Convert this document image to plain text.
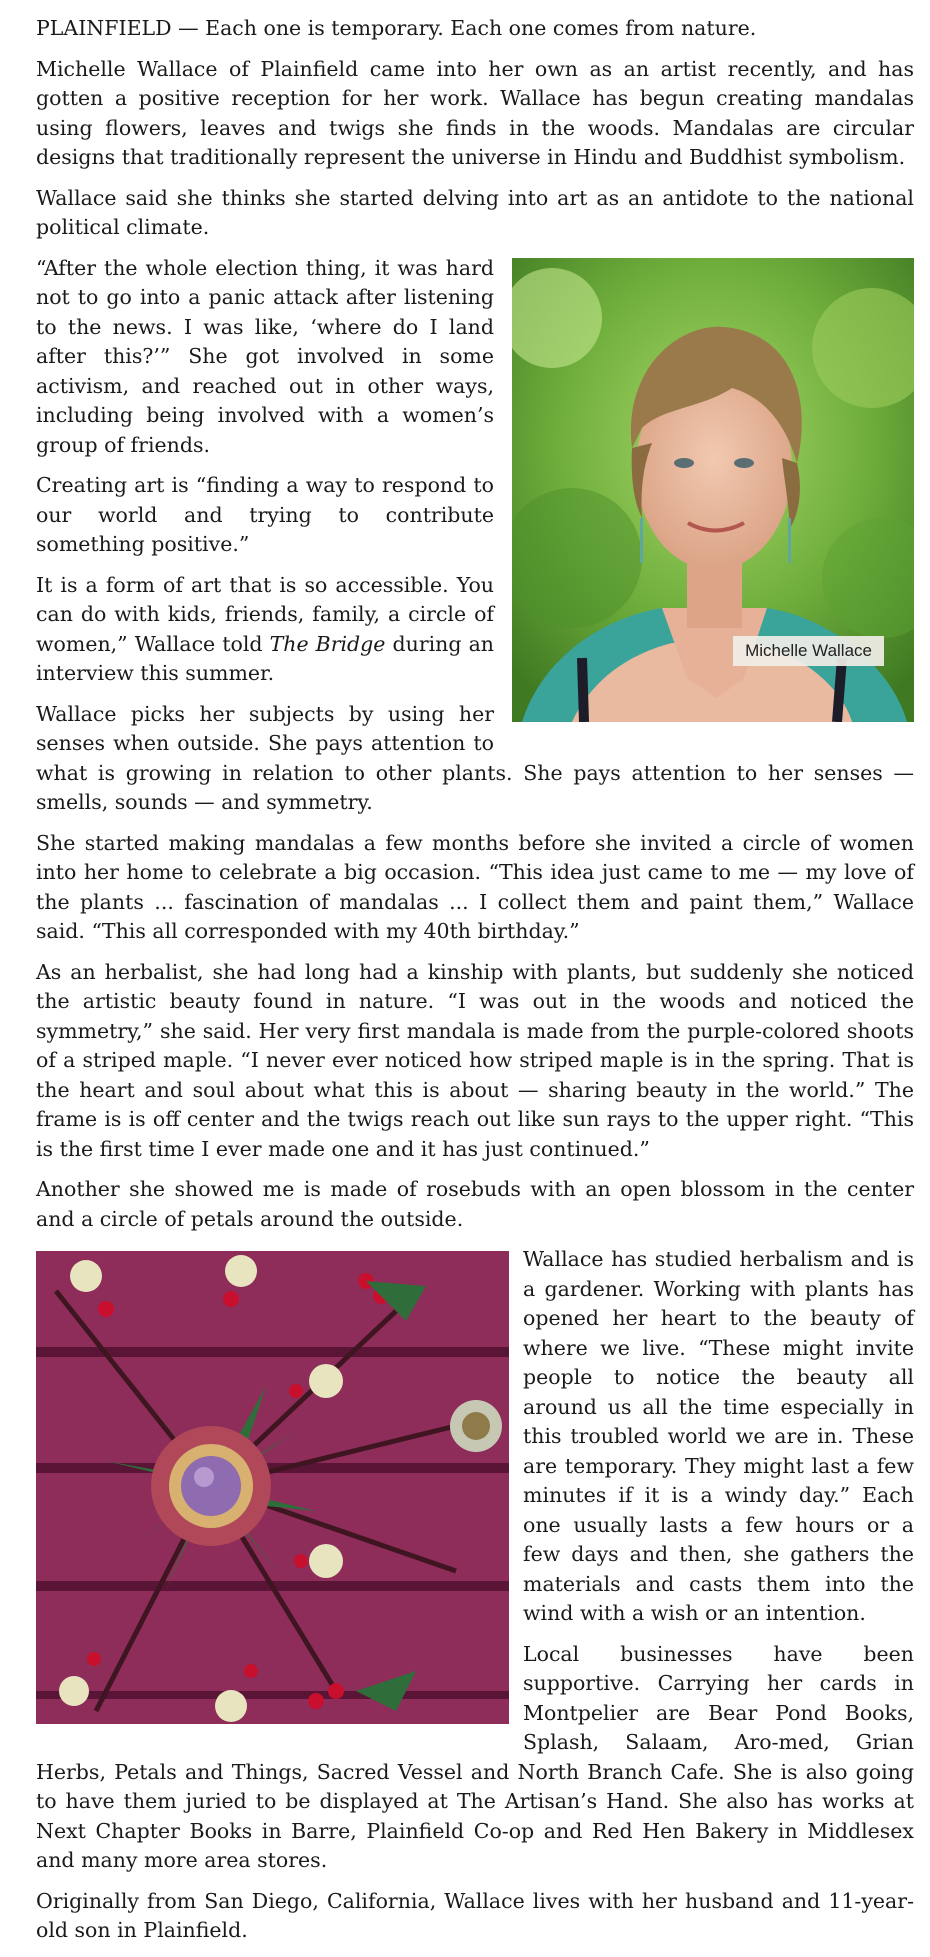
PLAINFIELD — Each one is temporary. Each one comes from nature.

Michelle Wallace of Plainfield came into her own as an artist recently, and has gotten a positive reception for her work. Wallace has begun creating mandalas using flowers, leaves and twigs she finds in the woods. Mandalas are circular designs that traditionally represent the universe in Hindu and Buddhist symbolism.

Wallace said she thinks she started delving into art as an antidote to the national political climate.

Michelle Wallace

“After the whole election thing, it was hard not to go into a panic attack after listening to the news. I was like, ‘where do I land after this?’” She got involved in some activism, and reached out in other ways, including being involved with a women’s group of friends.

Creating art is “finding a way to respond to our world and trying to contribute something positive.”

It is a form of art that is so accessible. You can do with kids, friends, family, a circle of women,” Wallace told The Bridge during an interview this summer.

Wallace picks her subjects by using her senses when outside. She pays attention to what is growing in relation to other plants. She pays attention to her senses — smells, sounds — and symmetry.

She started making mandalas a few months before she invited a circle of women into her home to celebrate a big occasion. “This idea just came to me — my love of the plants ... fascination of mandalas ... I collect them and paint them,” Wallace said. “This all corresponded with my 40th birthday.”

As an herbalist, she had long had a kinship with plants, but suddenly she noticed the artistic beauty found in nature. “I was out in the woods and noticed the symmetry,” she said. Her very first mandala is made from the purple-colored shoots of a striped maple. “I never ever noticed how striped maple is in the spring. That is the heart and soul about what this is about — sharing beauty in the world.” The frame is is off center and the twigs reach out like sun rays to the upper right. “This is the first time I ever made one and it has just continued.”

Another she showed me is made of rosebuds with an open blossom in the center and a circle of petals around the outside.

Wallace has studied herbalism and is a gardener. Working with plants has opened her heart to the beauty of where we live. “These might invite people to notice the beauty all around us all the time especially in this troubled world we are in. These are temporary. They might last a few minutes if it is a windy day.” Each one usually lasts a few hours or a few days and then, she gathers the materials and casts them into the wind with a wish or an intention.

Local businesses have been supportive. Carrying her cards in Montpelier are Bear Pond Books, Splash, Salaam, Aro-med, Grian Herbs, Petals and Things, Sacred Vessel and North Branch Cafe. She is also going to have them juried to be displayed at The Artisan’s Hand. She also has works at Next Chapter Books in Barre, Plainfield Co-op and Red Hen Bakery in Middlesex and many more area stores.

Originally from San Diego, California, Wallace lives with her husband and 11-year-old son in Plainfield.
